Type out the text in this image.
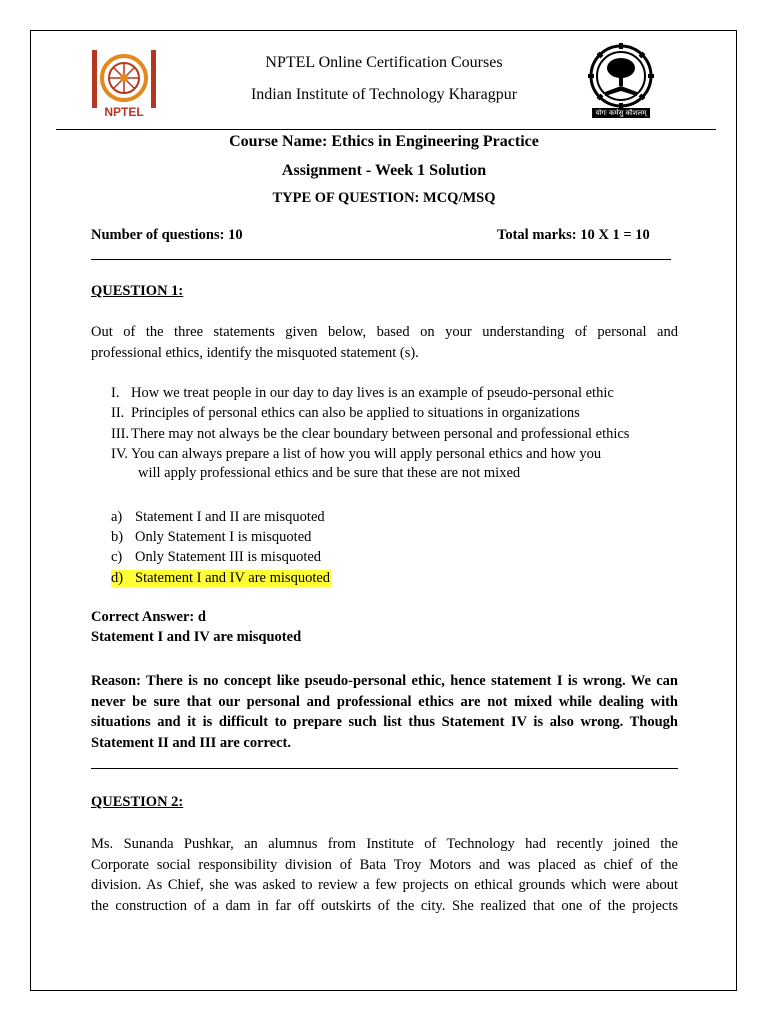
NPTEL	योगः कर्मसु कौशलम्
NPTEL Online Certification Courses
Indian Institute of Technology Kharagpur
Course Name: Ethics in Engineering Practice
Assignment - Week 1 Solution
TYPE OF QUESTION: MCQ/MSQ
Number of questions: 10	Total marks: 10 X 1 = 10
QUESTION 1:
Out of the three statements given below, based on your understanding of personal and
professional ethics, identify the misquoted statement (s).
I. How we treat people in our day to day lives is an example of pseudo-personal ethic
II. Principles of personal ethics can also be applied to situations in organizations
III. There may not always be the clear boundary between personal and professional ethics
IV. You can always prepare a list of how you will apply personal ethics and how you
will apply professional ethics and be sure that these are not mixed
a) Statement I and II are misquoted
b) Only Statement I is misquoted
c) Only Statement III is misquoted
d) Statement I and IV are misquoted
Correct Answer: d
Statement I and IV are misquoted
Reason: There is no concept like pseudo-personal ethic, hence statement I is wrong. We can
never be sure that our personal and professional ethics are not mixed while dealing with
situations and it is difficult to prepare such list thus Statement IV is also wrong. Though
Statement II and III are correct.
QUESTION 2:
Ms. Sunanda Pushkar, an alumnus from Institute of Technology had recently joined the
Corporate social responsibility division of Bata Troy Motors and was placed as chief of the
division. As Chief, she was asked to review a few projects on ethical grounds which were about
the construction of a dam in far off outskirts of the city. She realized that one of the projects
